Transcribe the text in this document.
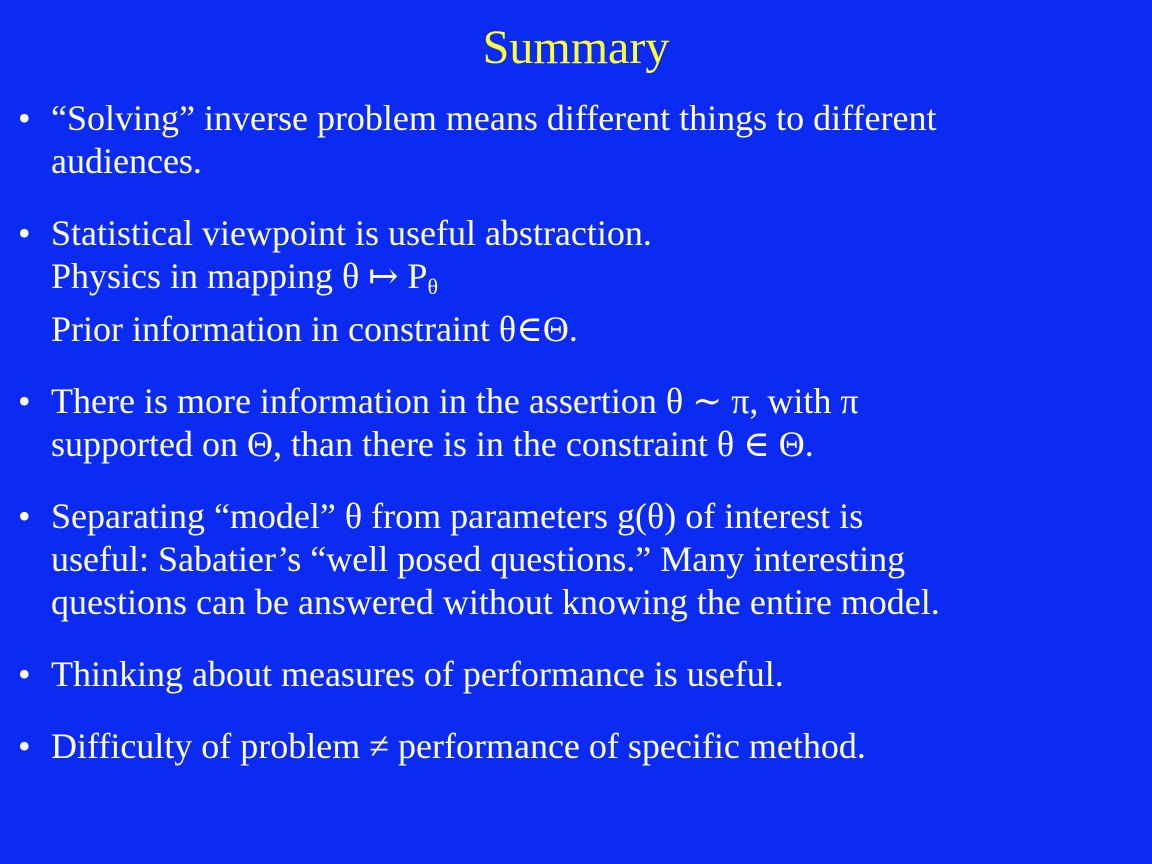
Summary
• “Solving” inverse problem means different things to different
audiences.
• Statistical viewpoint is useful abstraction.
Physics in mapping θ ↦ $P_\theta$
Prior information in constraint θ∈Θ.
• There is more information in the assertion θ ∼ π, with π
supported on Θ, than there is in the constraint θ ∈ Θ.
• Separating “model” θ from parameters g(θ) of interest is
useful: Sabatier’s “well posed questions.” Many interesting
questions can be answered without knowing the entire model.
• Thinking about measures of performance is useful.
• Difficulty of problem ≠ performance of specific method.
